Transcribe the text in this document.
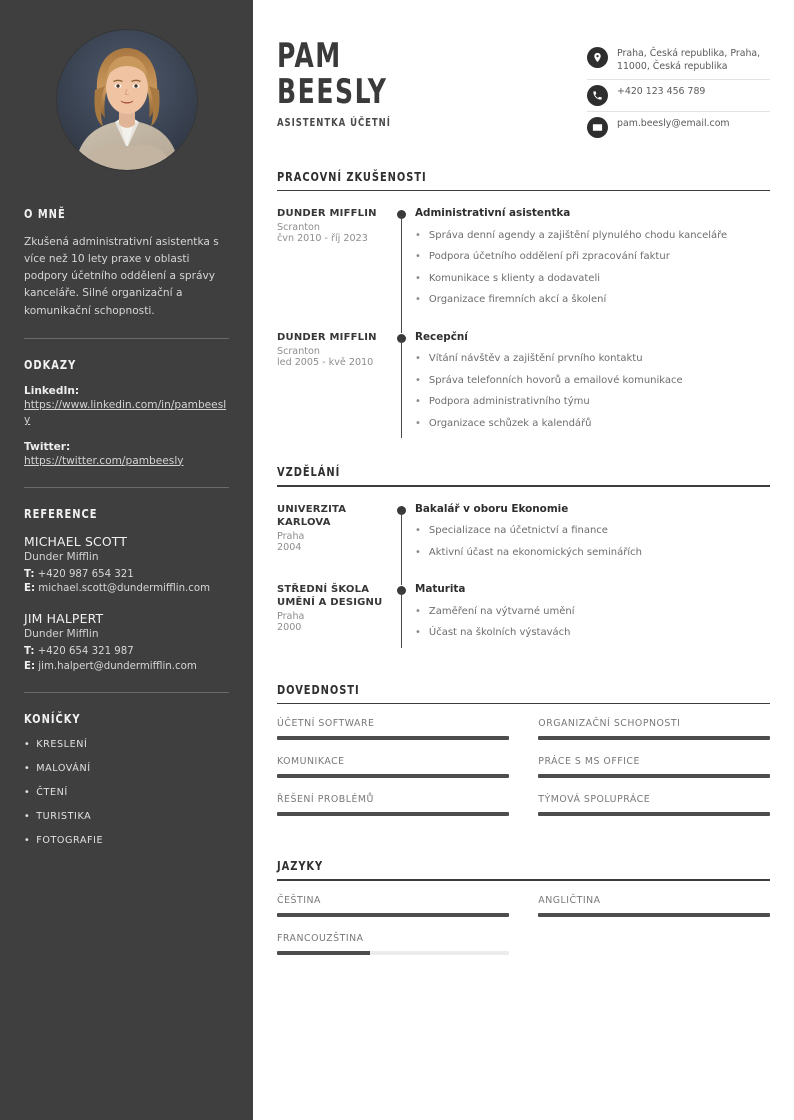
O MNĚ

Zkušená administrativní asistentka s více než 10 lety praxe v oblasti podpory účetního oddělení a správy kanceláře. Silné organizační a komunikační schopnosti.

ODKAZY
LinkedIn:
https://www.linkedin.com/in/pambeesly
Twitter:
https://twitter.com/pambeesly
REFERENCE
MICHAEL SCOTT
Dunder Mifflin
T: +420 987 654 321
E: michael.scott@dundermifflin.com
JIM HALPERT
Dunder Mifflin
T: +420 654 321 987
E: jim.halpert@dundermifflin.com
KONÍČKY
• KRESLENÍ
• MALOVÁNÍ
• ČTENÍ
• TURISTIKA
• FOTOGRAFIE
PAM
BEESLY
ASISTENTKA ÚČETNÍ
Praha, Česká republika, Praha, 11000, Česká republika
+420 123 456 789
pam.beesly@email.com
PRACOVNÍ ZKUŠENOSTI
DUNDER MIFFLIN
Scranton
čvn 2010 - říj 2023
Administrativní asistentka
• Správa denní agendy a zajištění plynulého chodu kanceláře
• Podpora účetního oddělení při zpracování faktur
• Komunikace s klienty a dodavateli
• Organizace firemních akcí a školení
DUNDER MIFFLIN
Scranton
led 2005 - kvě 2010
Recepční
• Vítání návštěv a zajištění prvního kontaktu
• Správa telefonních hovorů a emailové komunikace
• Podpora administrativního týmu
• Organizace schůzek a kalendářů
VZDĚLÁNÍ
UNIVERZITA KARLOVA
Praha
2004
Bakalář v oboru Ekonomie
• Specializace na účetnictví a finance
• Aktivní účast na ekonomických seminářích
STŘEDNÍ ŠKOLA UMĚNÍ A DESIGNU
Praha
2000
Maturita
• Zaměření na výtvarné umění
• Účast na školních výstavách
DOVEDNOSTI
ÚČETNÍ SOFTWARE	ORGANIZAČNÍ SCHOPNOSTI
KOMUNIKACE	PRÁCE S MS OFFICE
ŘEŠENÍ PROBLÉMŮ	TÝMOVÁ SPOLUPRÁCE
JAZYKY
ČEŠTINA	ANGLIČTINA
FRANCOUZŠTINA
